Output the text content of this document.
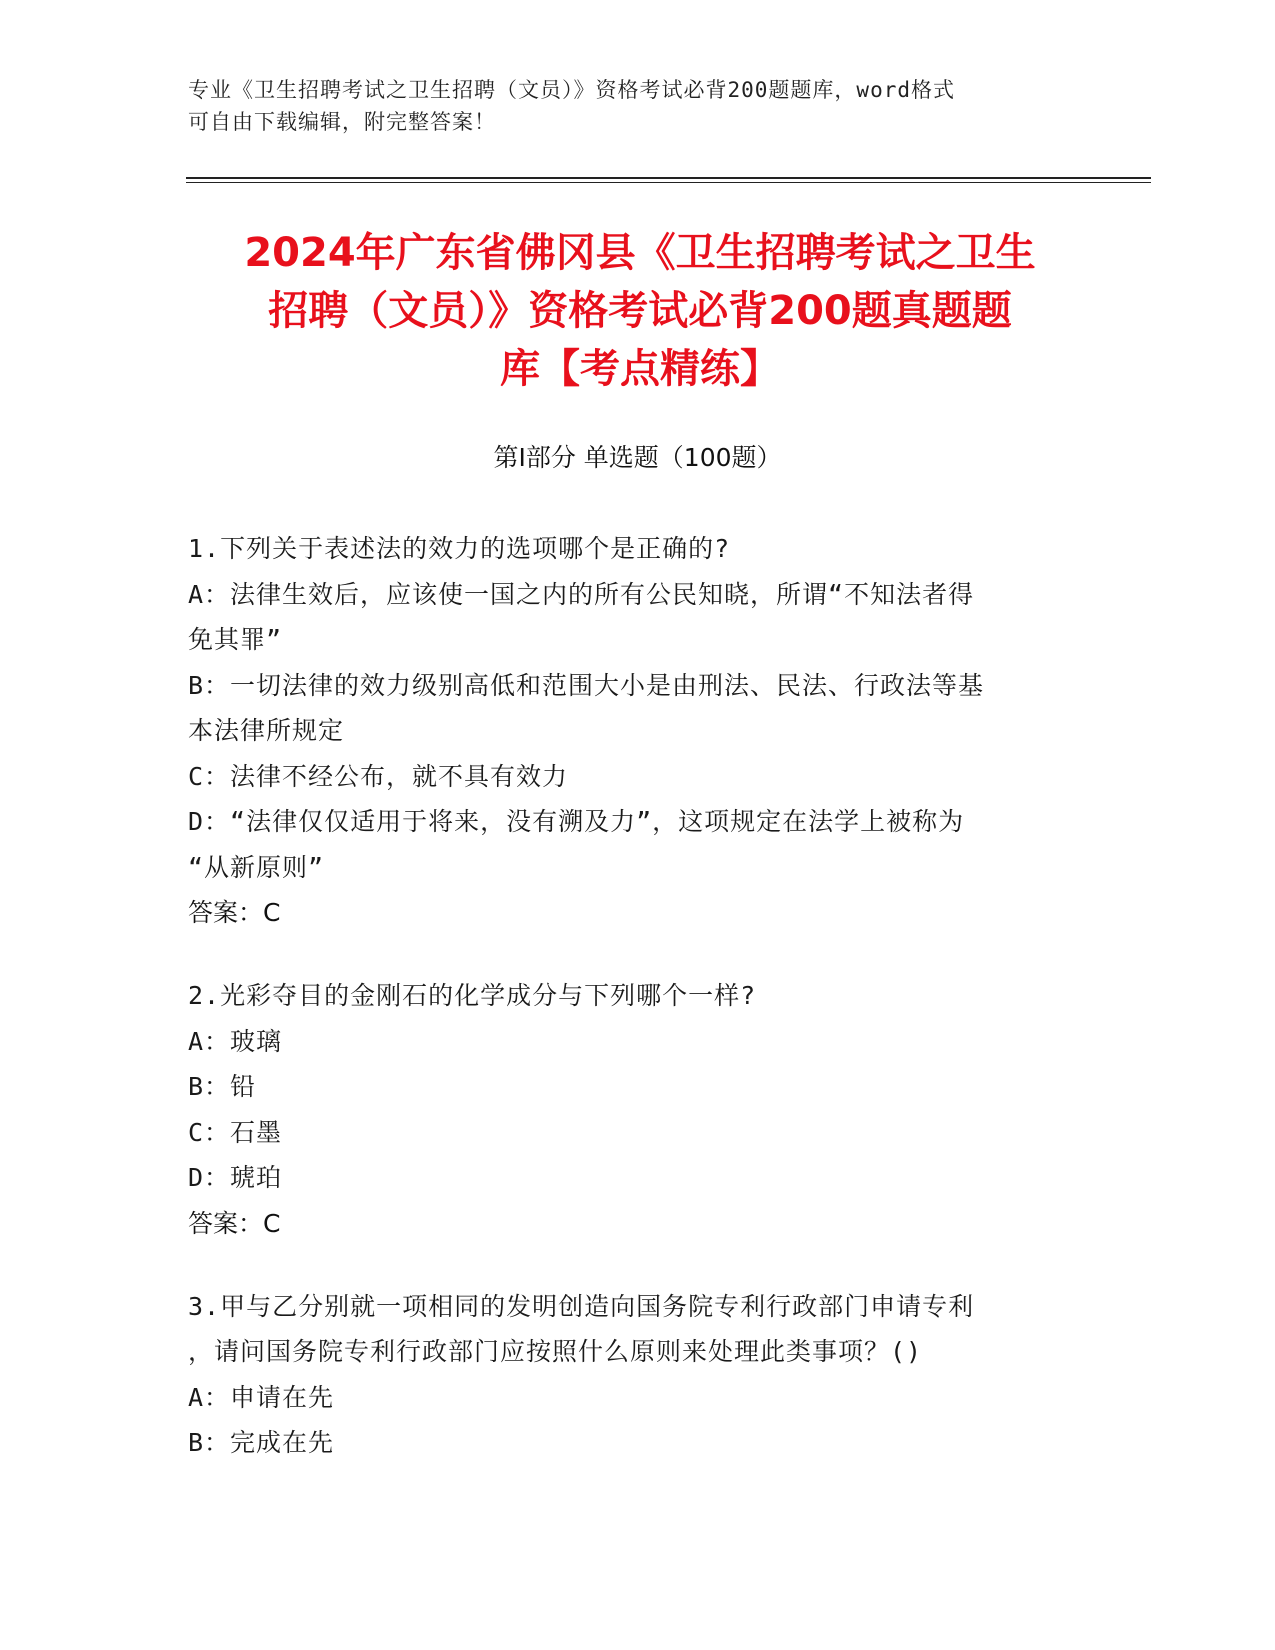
专业《卫生招聘考试之卫生招聘（文员）》资格考试必背200题题库，word格式
可自由下载编辑，附完整答案！
2024年广东省佛冈县《卫生招聘考试之卫生
招聘（文员）》资格考试必背200题真题题
库【考点精练】
第Ⅰ部分 单选题（100题）
1.下列关于表述法的效力的选项哪个是正确的?
A：法律生效后，应该使一国之内的所有公民知晓，所谓“不知法者得
免其罪”
B：一切法律的效力级别高低和范围大小是由刑法、民法、行政法等基
本法律所规定
C：法律不经公布，就不具有效力
D：“法律仅仅适用于将来，没有溯及力”，这项规定在法学上被称为
“从新原则”
答案：C
2.光彩夺目的金刚石的化学成分与下列哪个一样?
A：玻璃
B：铅
C：石墨
D：琥珀
答案：C
3.甲与乙分别就一项相同的发明创造向国务院专利行政部门申请专利
，请问国务院专利行政部门应按照什么原则来处理此类事项？()
A：申请在先
B：完成在先
